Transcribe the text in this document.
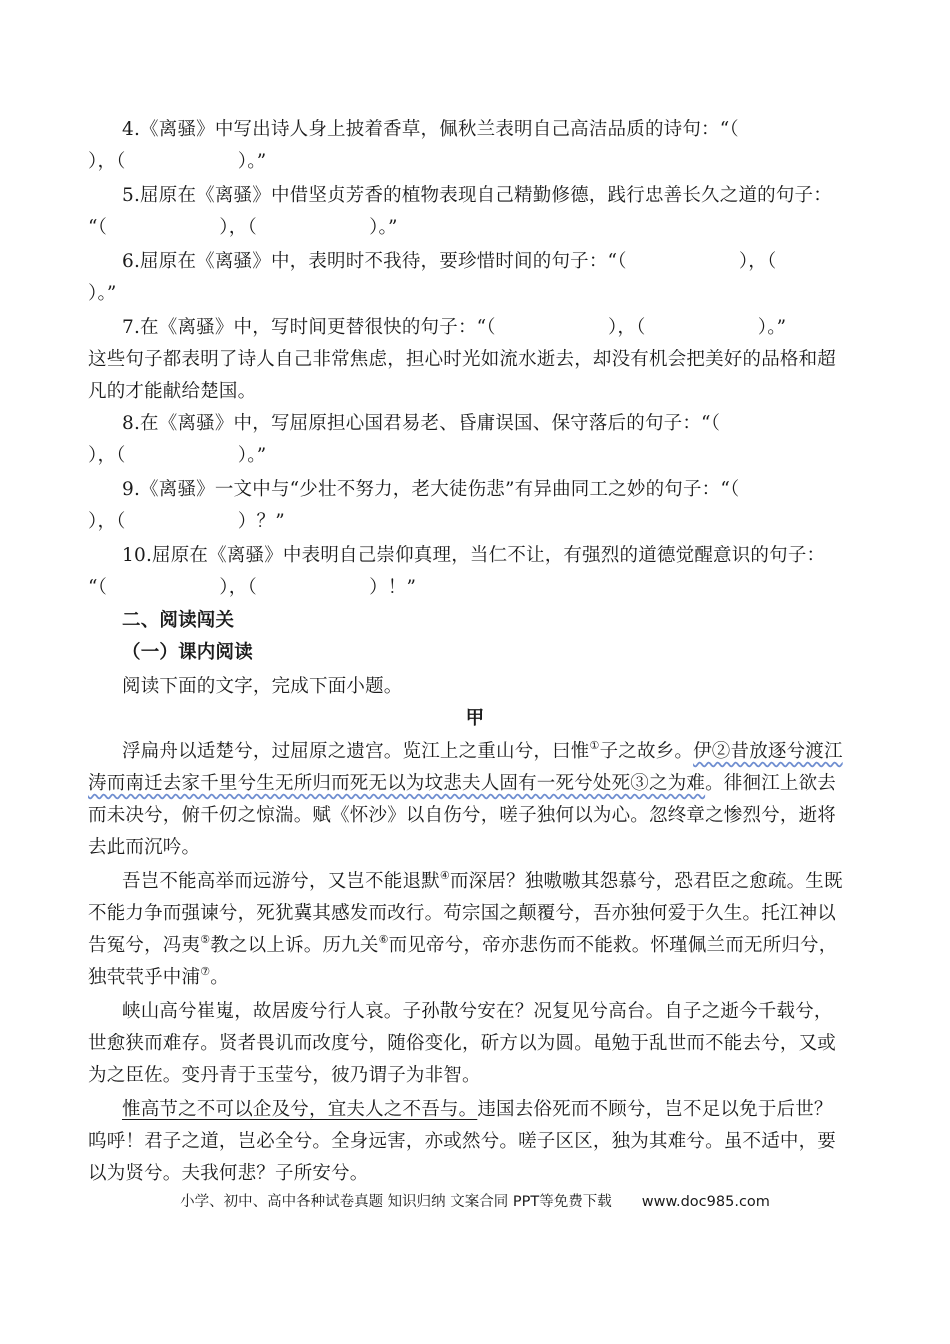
4.《离骚》中写出诗人身上披着香草，佩秋兰表明自己高洁品质的诗句：“（
），（　　　　　　）。”
5.屈原在《离骚》中借坚贞芳香的植物表现自己精勤修德，践行忠善长久之道的句子：
“（　　　　　　），（　　　　　　）。”
6.屈原在《离骚》中，表明时不我待，要珍惜时间的句子：“（　　　　　　），（
）。”
7.在《离骚》中，写时间更替很快的句子：“（　　　　　　），（　　　　　　）。”
这些句子都表明了诗人自己非常焦虑，担心时光如流水逝去，却没有机会把美好的品格和超
凡的才能献给楚国。
8.在《离骚》中，写屈原担心国君易老、昏庸误国、保守落后的句子：“（
），（　　　　　　）。”
9.《离骚》一文中与“少壮不努力，老大徒伤悲”有异曲同工之妙的句子：“（
），（　　　　　　）？”
10.屈原在《离骚》中表明自己崇仰真理，当仁不让，有强烈的道德觉醒意识的句子：
“（　　　　　　），（　　　　　　）！”
二、阅读闯关
（一）课内阅读
阅读下面的文字，完成下面小题。
甲
浮扁舟以适楚兮，过屈原之遗宫。览江上之重山兮，曰惟①子之故乡。伊②昔放逐兮渡江
涛而南迁去家千里兮生无所归而死无以为坟悲夫人固有一死兮处死③之为难。徘徊江上欲去
而未决兮，俯千仞之惊湍。赋《怀沙》以自伤兮，嗟子独何以为心。忽终章之惨烈兮，逝将
去此而沉吟。
吾岂不能高举而远游兮，又岂不能退默④而深居？独嗷嗷其怨慕兮，恐君臣之愈疏。生既
不能力争而强谏兮，死犹冀其感发而改行。苟宗国之颠覆兮，吾亦独何爱于久生。托江神以
告冤兮，冯夷⑤教之以上诉。历九关⑥而见帝兮，帝亦悲伤而不能救。怀瑾佩兰而无所归兮，
独茕茕乎中浦⑦。
峡山高兮崔嵬，故居废兮行人哀。子孙散兮安在？况复见兮高台。自子之逝今千载兮，
世愈狭而难存。贤者畏讥而改度兮，随俗变化，斫方以为圆。黾勉于乱世而不能去兮，又或
为之臣佐。变丹青于玉莹兮，彼乃谓子为非智。
惟高节之不可以企及兮，宜夫人之不吾与。违国去俗死而不顾兮，岂不足以免于后世？
呜呼！君子之道，岂必全兮。全身远害，亦或然兮。嗟子区区，独为其难兮。虽不适中，要
以为贤兮。夫我何悲？子所安兮。
小学、初中、高中各种试卷真题 知识归纳 文案合同 PPT等免费下载 www.doc985.com
